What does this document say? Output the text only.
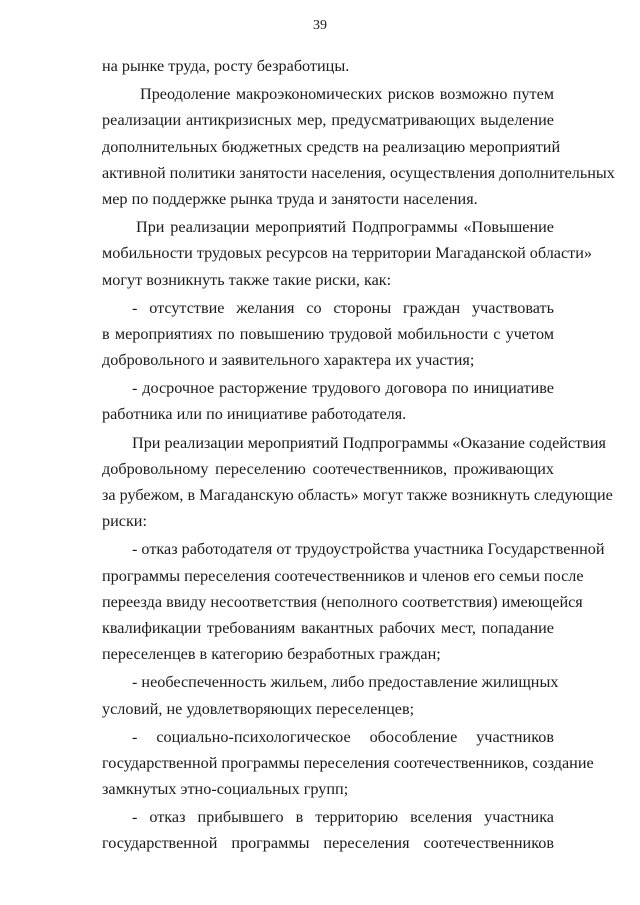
39
на рынке труда, росту безработицы.
Преодоление макроэкономических рисков возможно путем
реализации антикризисных мер, предусматривающих выделение
дополнительных бюджетных средств на реализацию мероприятий
активной политики занятости населения, осуществления дополнительных
мер по поддержке рынка труда и занятости населения.
При реализации мероприятий Подпрограммы «Повышение
мобильности трудовых ресурсов на территории Магаданской области»
могут возникнуть также такие риски, как:
- отсутствие желания со стороны граждан участвовать
в мероприятиях по повышению трудовой мобильности с учетом
добровольного и заявительного характера их участия;
- досрочное расторжение трудового договора по инициативе
работника или по инициативе работодателя.
При реализации мероприятий Подпрограммы «Оказание содействия
добровольному переселению соотечественников, проживающих
за рубежом, в Магаданскую область» могут также возникнуть следующие
риски:
- отказ работодателя от трудоустройства участника Государственной
программы переселения соотечественников и членов его семьи после
переезда ввиду несоответствия (неполного соответствия) имеющейся
квалификации требованиям вакантных рабочих мест, попадание
переселенцев в категорию безработных граждан;
- необеспеченность жильем, либо предоставление жилищных
условий, не удовлетворяющих переселенцев;
- социально-психологическое обособление участников
государственной программы переселения соотечественников, создание
замкнутых этно-социальных групп;
- отказ прибывшего в территорию вселения участника
государственной программы переселения соотечественников
